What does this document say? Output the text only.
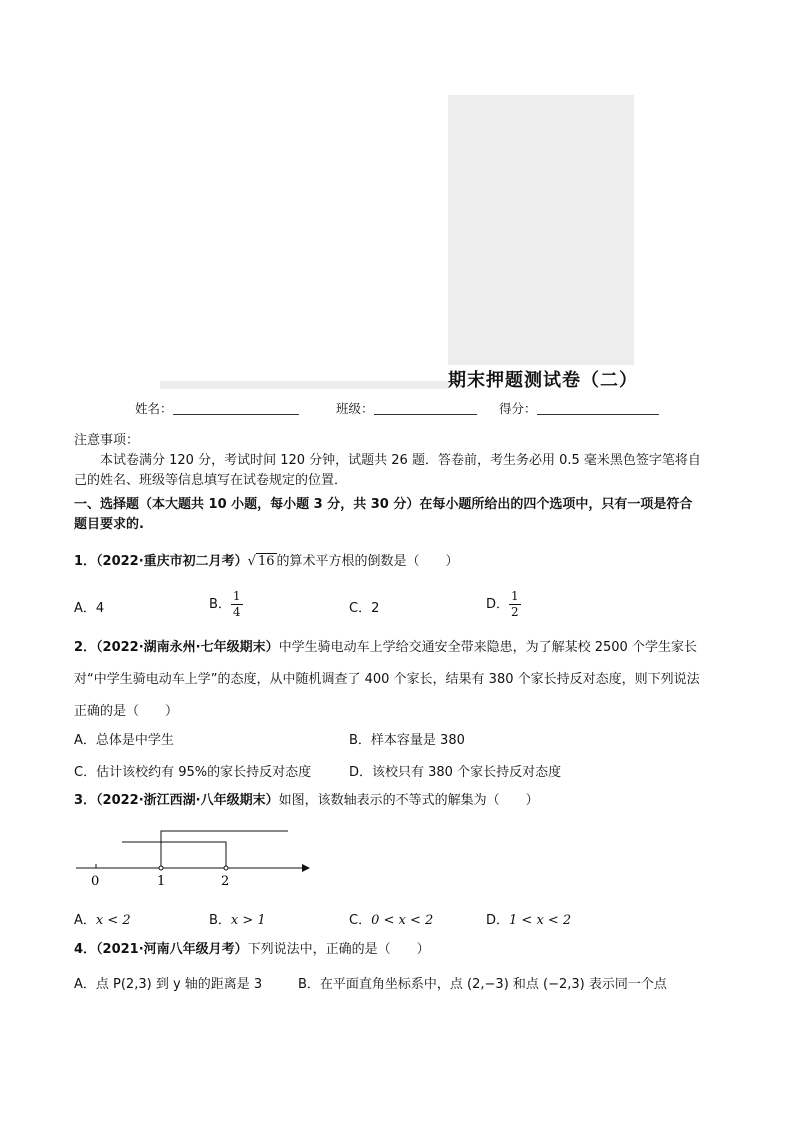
期末押题测试卷（二）
姓名：	班级：	得分：
注意事项：
本试卷满分 120 分，考试时间 120 分钟，试题共 26 题．答卷前，考生务必用 0.5 毫米黑色签字笔将自
己的姓名、班级等信息填写在试卷规定的位置．
一、选择题（本大题共 10 小题，每小题 3 分，共 30 分）在每小题所给出的四个选项中，只有一项是符合
题目要求的.
1．（2022·重庆市初二月考）√ 16 的算术平方根的倒数是（　　）
A．4	B． $\frac{1}{4}$	C．2	D． $\frac{1}{2}$
2．（2022·湖南永州·七年级期末）中学生骑电动车上学给交通安全带来隐患，为了解某校 2500 个学生家长
对“中学生骑电动车上学”的态度，从中随机调查了 400 个家长，结果有 380 个家长持反对态度，则下列说法
正确的是（　　）
A．总体是中学生	B．样本容量是 380
C．估计该校约有 95%的家长持反对态度	D．该校只有 380 个家长持反对态度
3．（2022·浙江西湖·八年级期末）如图，该数轴表示的不等式的解集为（　　）
0	1	2
A．x < 2	B．x > 1	C．0 < x < 2	D．1 < x < 2
4．（2021·河南八年级月考）下列说法中，正确的是（　　）
A．点 P(2,3) 到 y 轴的距离是 3	B．在平面直角坐标系中，点 (2,−3) 和点 (−2,3) 表示同一个点
